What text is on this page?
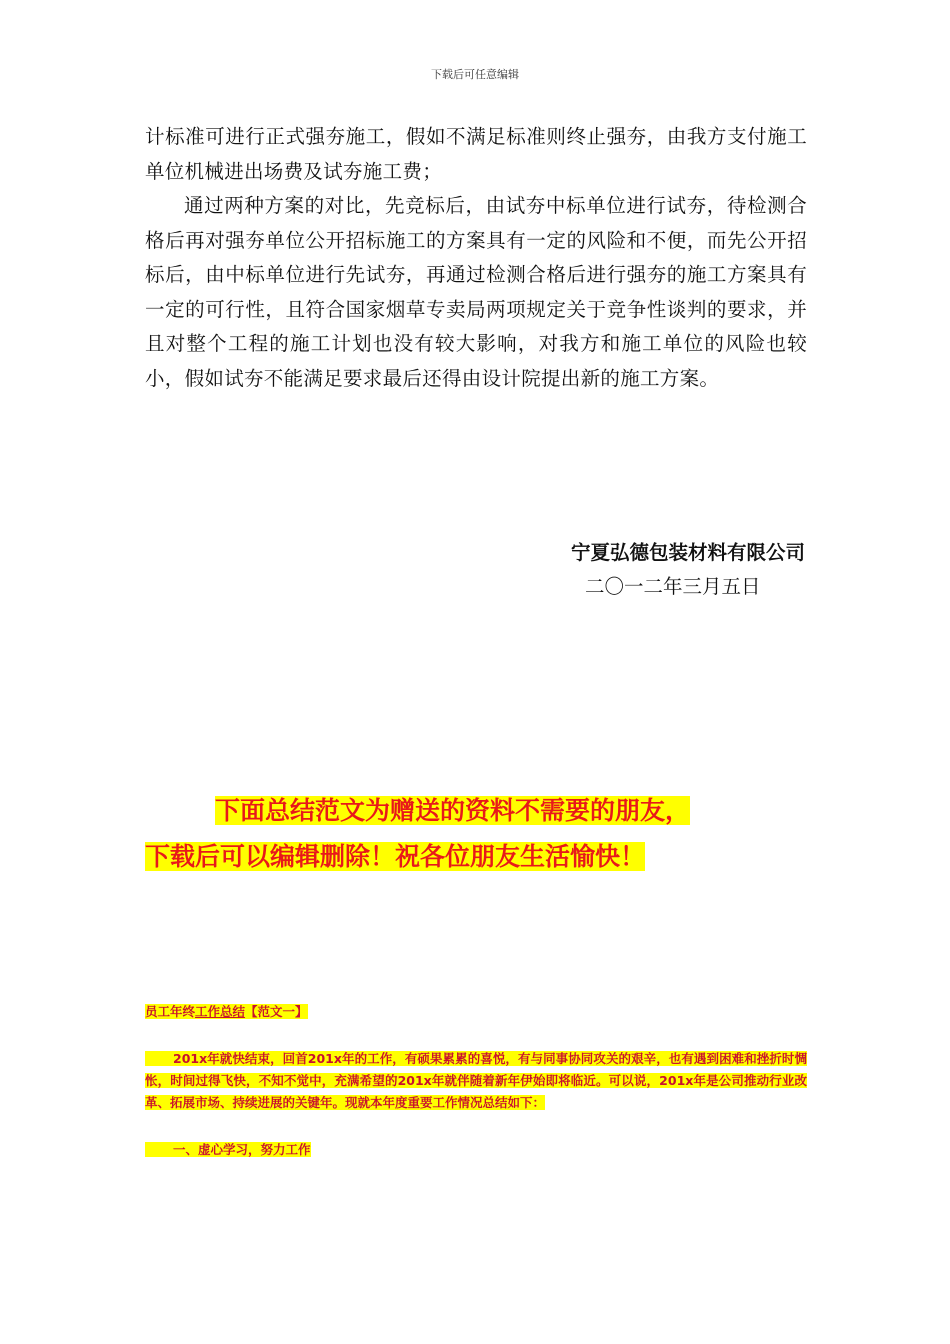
下载后可任意编辑

计标准可进行正式强夯施工，假如不满足标准则终止强夯，由我方支付施工单位机械进出场费及试夯施工费；

通过两种方案的对比，先竞标后，由试夯中标单位进行试夯，待检测合格后再对强夯单位公开招标施工的方案具有一定的风险和不便，而先公开招标后，由中标单位进行先试夯，再通过检测合格后进行强夯的施工方案具有一定的可行性，且符合国家烟草专卖局两项规定关于竞争性谈判的要求，并且对整个工程的施工计划也没有较大影响，对我方和施工单位的风险也较小，假如试夯不能满足要求最后还得由设计院提出新的施工方案。

宁夏弘德包装材料有限公司
二〇一二年三月五日
下面总结范文为赠送的资料不需要的朋友，
下载后可以编辑删除！祝各位朋友生活愉快！

员工年终工作总结【范文一】

201x年就快结束，回首201x年的工作，有硕果累累的喜悦，有与同事协同攻关的艰辛，也有遇到困难和挫折时惆怅，时间过得飞快，不知不觉中，充满希望的201x年就伴随着新年伊始即将临近。可以说，201x年是公司推动行业改革、拓展市场、持续进展的关键年。现就本年度重要工作情况总结如下：

一、虚心学习，努力工作
